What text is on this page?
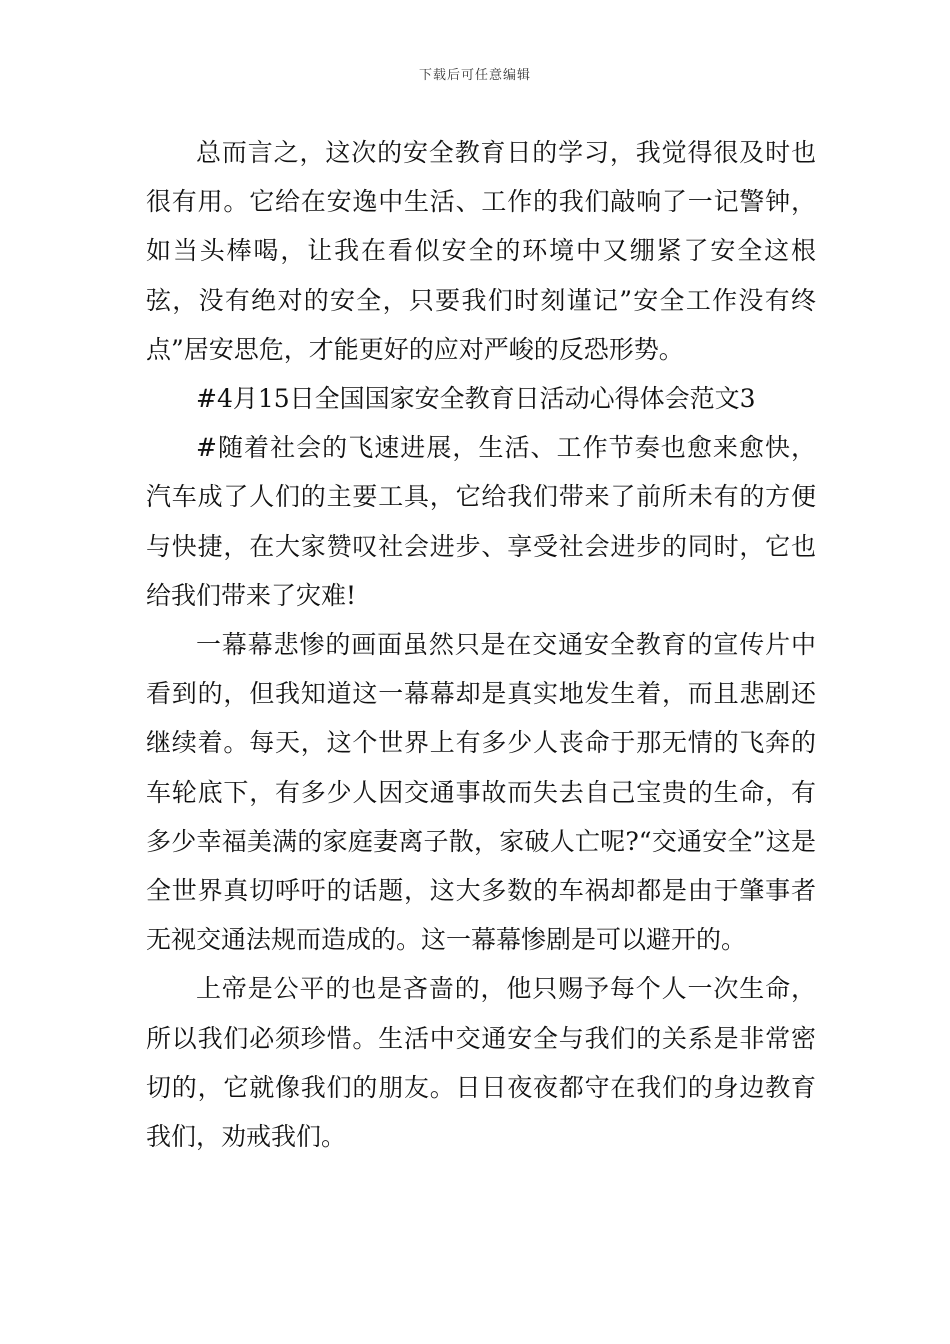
下载后可任意编辑

总而言之，这次的安全教育日的学习，我觉得很及时也很有用。它给在安逸中生活、工作的我们敲响了一记警钟，如当头棒喝，让我在看似安全的环境中又绷紧了安全这根弦，没有绝对的安全，只要我们时刻谨记”安全工作没有终点”居安思危，才能更好的应对严峻的反恐形势。

#4月15日全国国家安全教育日活动心得体会范文3

#随着社会的飞速进展，生活、工作节奏也愈来愈快，汽车成了人们的主要工具，它给我们带来了前所未有的方便与快捷，在大家赞叹社会进步、享受社会进步的同时，它也给我们带来了灾难!

一幕幕悲惨的画面虽然只是在交通安全教育的宣传片中看到的，但我知道这一幕幕却是真实地发生着，而且悲剧还继续着。每天，这个世界上有多少人丧命于那无情的飞奔的车轮底下，有多少人因交通事故而失去自己宝贵的生命，有多少幸福美满的家庭妻离子散，家破人亡呢?“交通安全”这是全世界真切呼吁的话题，这大多数的车祸却都是由于肇事者无视交通法规而造成的。这一幕幕惨剧是可以避开的。

上帝是公平的也是吝啬的，他只赐予每个人一次生命，所以我们必须珍惜。生活中交通安全与我们的关系是非常密切的，它就像我们的朋友。日日夜夜都守在我们的身边教育我们，劝戒我们。
